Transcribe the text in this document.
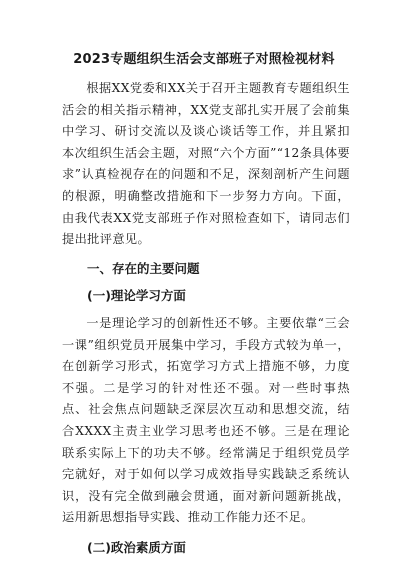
2023专题组织生活会支部班子对照检视材料

根据XX党委和XX关于召开主题教育专题组织生活会的相关指示精神，XX党支部扎实开展了会前集中学习、研讨交流以及谈心谈话等工作，并且紧扣本次组织生活会主题，对照“六个方面”“12条具体要求”认真检视存在的问题和不足，深刻剖析产生问题的根源，明确整改措施和下一步努力方向。下面，由我代表XX党支部班子作对照检查如下，请同志们提出批评意见。

一、存在的主要问题

(一)理论学习方面

一是理论学习的创新性还不够。主要依靠“三会一课”组织党员开展集中学习，手段方式较为单一，在创新学习形式，拓宽学习方式上措施不够，力度不强。二是学习的针对性还不强。对一些时事热点、社会焦点问题缺乏深层次互动和思想交流，结合XXXX主责主业学习思考也还不够。三是在理论联系实际上下的功夫不够。经常满足于组织党员学完就好，对于如何以学习成效指导实践缺乏系统认识，没有完全做到融会贯通，面对新问题新挑战，运用新思想指导实践、推动工作能力还不足。

(二)政治素质方面
